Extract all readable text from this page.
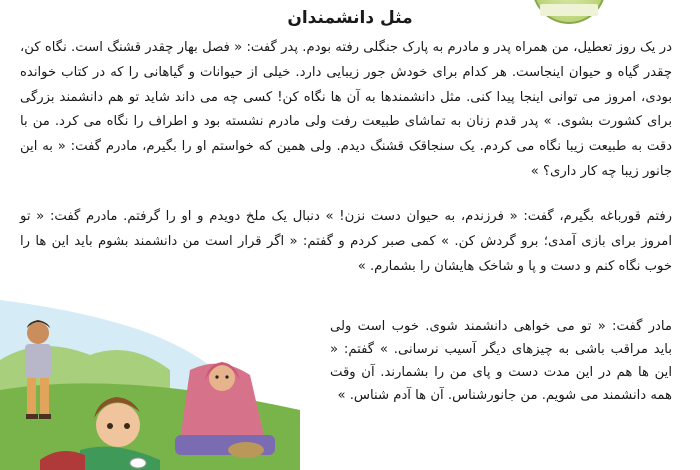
مثل دانشمندان

در یک روز تعطیل، من همراه پدر و مادرم به پارک جنگلی رفته بودم. پدر گفت: « فصل بهار چقدر قشنگ است. نگاه کن، چقدر گیاه و حیوان اینجاست. هر کدام برای خودش جور زیبایی دارد. خیلی از حیوانات و گیاهانی را که در کتاب خوانده بودی، امروز می توانی اینجا پیدا کنی. مثل دانشمندها به آن ها نگاه کن! کسی چه می داند شاید تو هم دانشمند بزرگی برای کشورت بشوی. » پدر قدم زنان به تماشای طبیعت رفت ولی مادرم نشسته بود و اطراف را نگاه می کرد. من با دقت به طبیعت زیبا نگاه می کردم. یک سنجاقک قشنگ دیدم. ولی همین که خواستم او را بگیرم، مادرم گفت: « به این جانور زیبا چه کار داری؟ »

رفتم قورباغه بگیرم، گفت: « فرزندم، به حیوان دست نزن! » دنبال یک ملخ دویدم و او را گرفتم. مادرم گفت: « تو امروز برای بازی آمدی؛ برو گردش کن. » کمی صبر کردم و گفتم: « اگر قرار است من دانشمند بشوم باید این ها را خوب نگاه کنم و دست و پا و شاخک هایشان را بشمارم. »

مادر گفت: « تو می خواهی دانشمند شوی. خوب است ولی باید مراقب باشی به چیزهای دیگر آسیب نرسانی. » گفتم: « این ها هم در این مدت دست و پای من را بشمارند. آن وقت همه دانشمند می شویم. من جانورشناس. آن ها آدم شناس. »
